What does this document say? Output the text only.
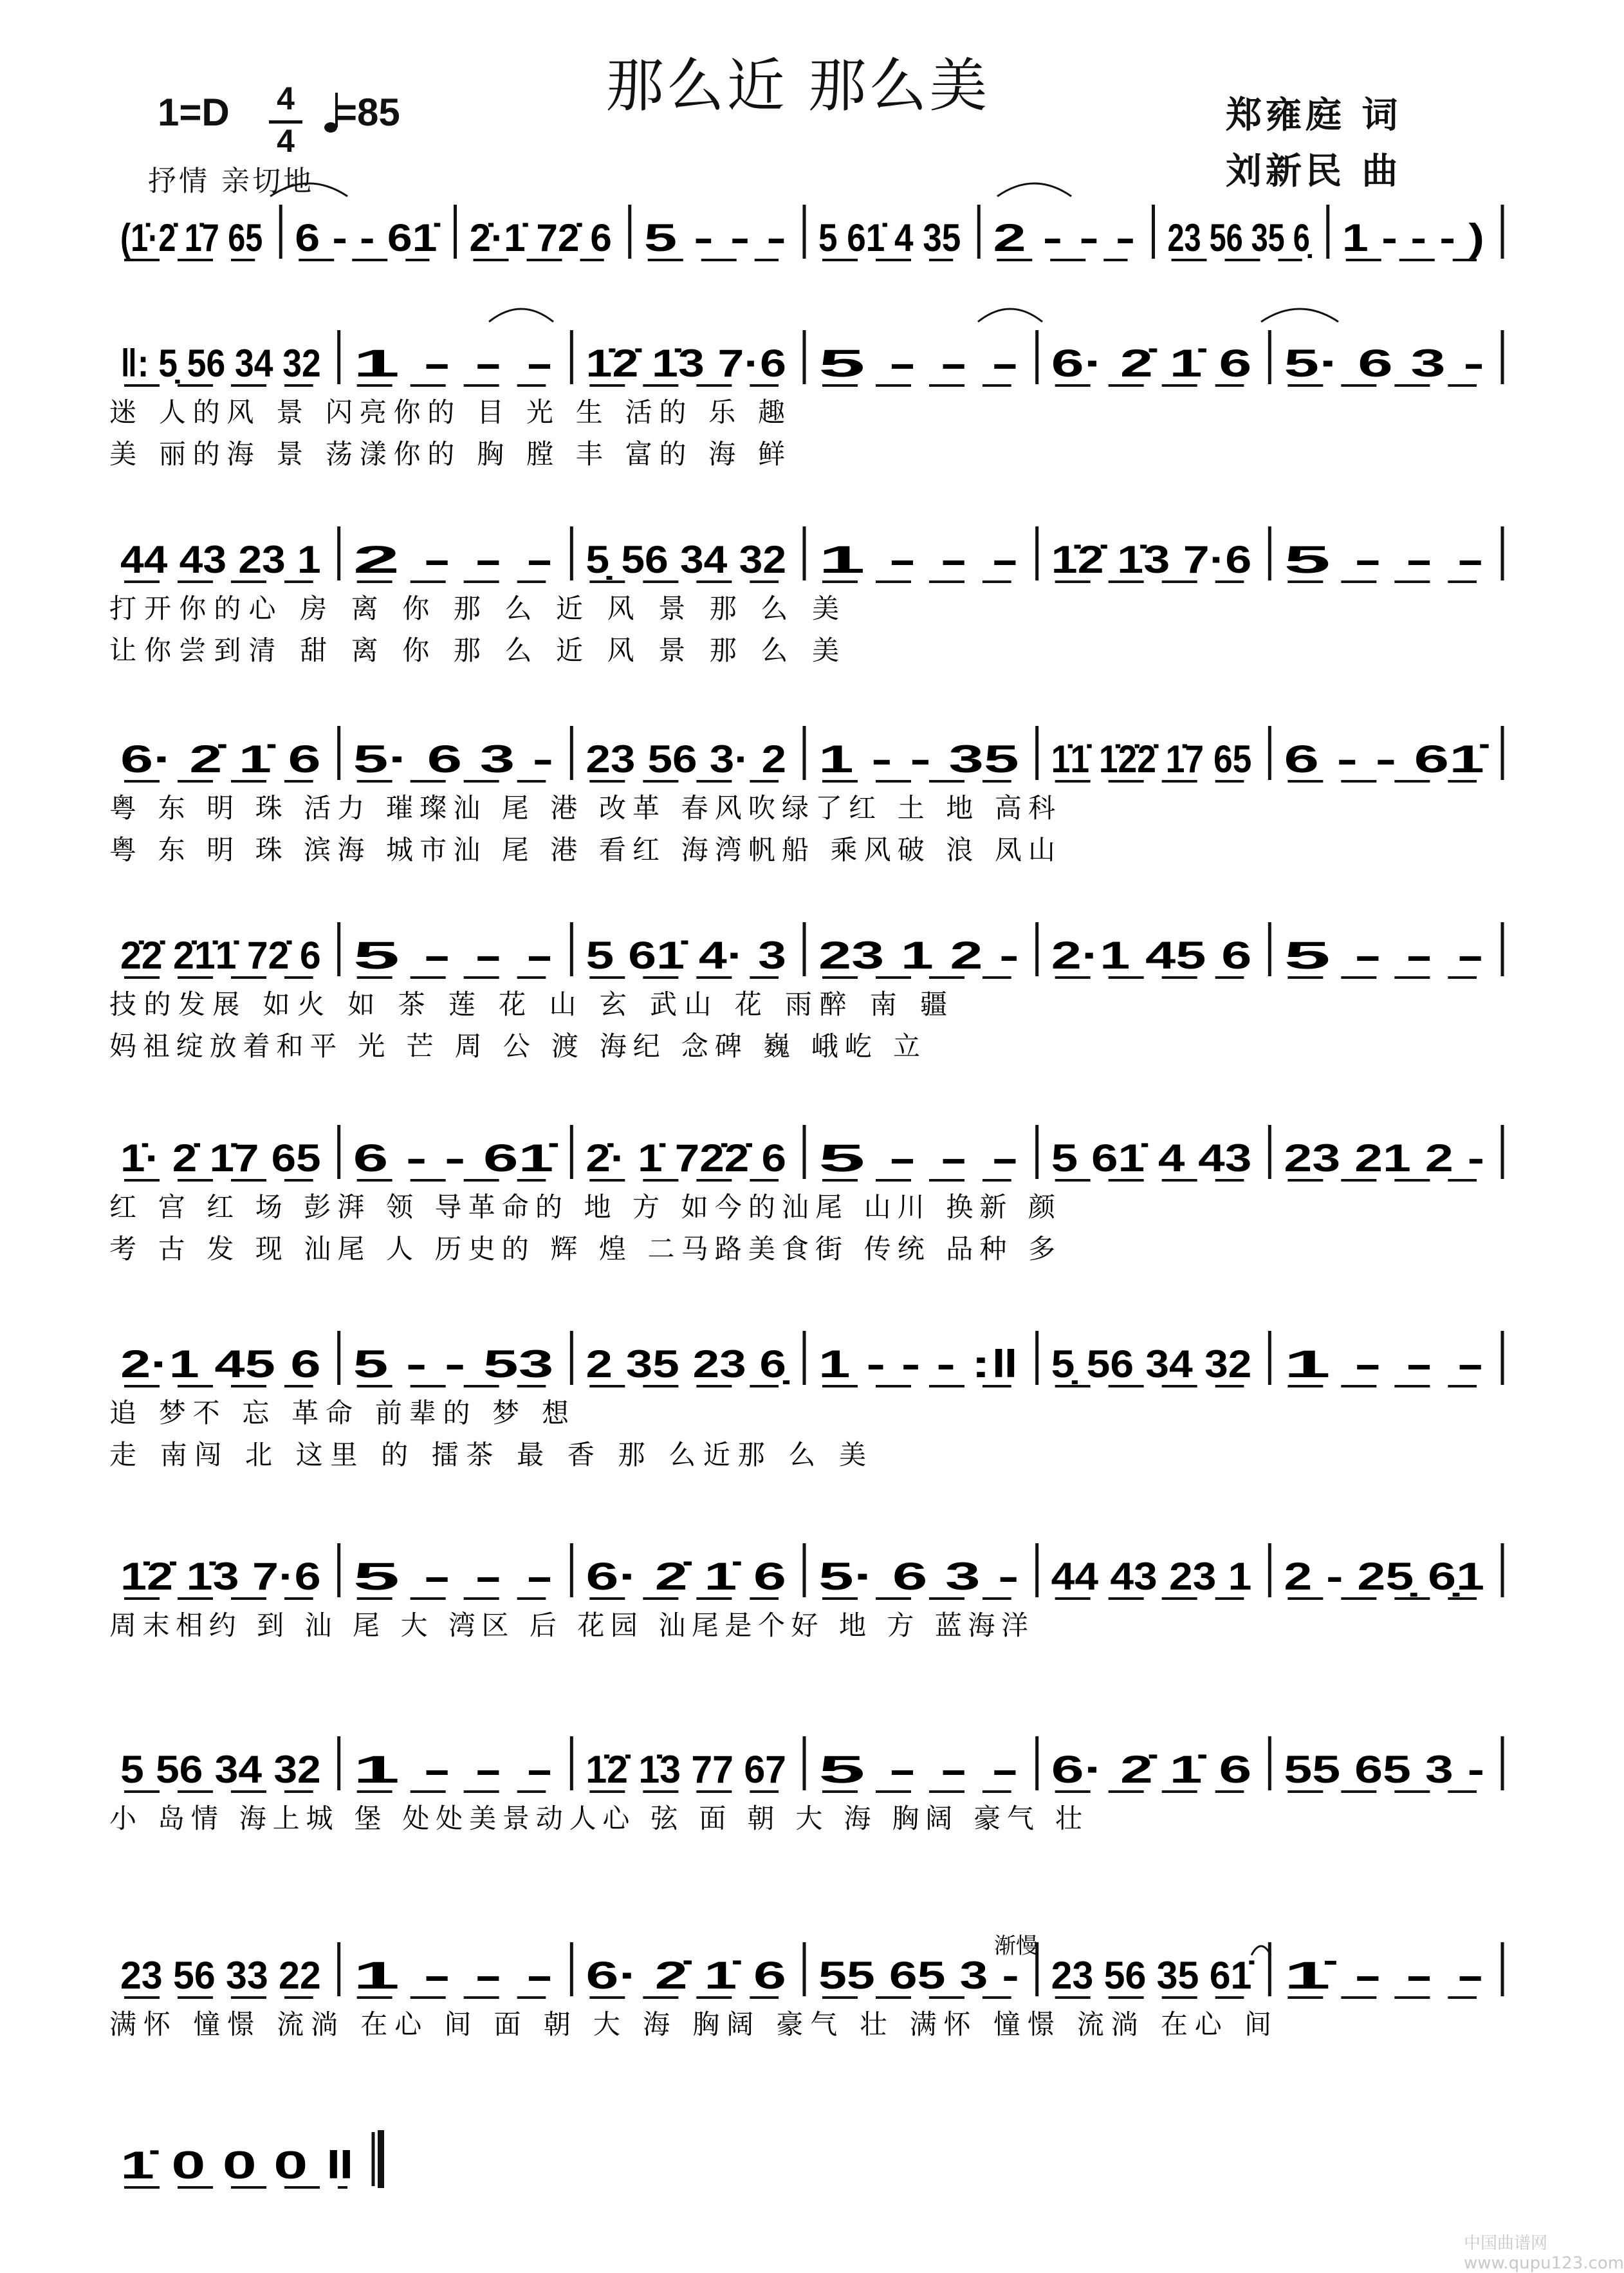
那么近 那么美	郑雍庭 词
刘新民 曲
1=D	4
4
=85
抒情 亲切地
(1̇·2̇ 1̇7 65 6 - - 61̇ 2̇·1̇ 72̇ 6 5 - - - 5 61̇ 4 35 2 - - - 23 56 35 6̣ 1 - - - )
‖: 5̣ 56 34 32 1 - - - 1̇2̇ 1̇3 7·6 5 - - - 6· 2̇ 1̇ 6 5· 6 3 -
迷 人的风 景 闪亮你的 目 光 生 活的 乐 趣
美 丽的海 景 荡漾你的 胸 膛 丰 富的 海 鲜
44 43 23 1 2 - - - 5̣ 56 34 32 1 - - - 1̇2̇ 1̇3 7·6 5 - - -
打开你的心 房 离 你 那 么 近 风 景 那 么 美
让你尝到清 甜 离 你 那 么 近 风 景 那 么 美
6· 2̇ 1̇ 6 5· 6 3 - 23 56 3· 2 1 - - 35 1̇1̇ 1̇2̇2̇ 1̇7 65 6 - - 61̇
粤 东 明 珠 活力 璀璨汕 尾 港 改革 春风吹绿了红 土 地 高科
粤 东 明 珠 滨海 城市汕 尾 港 看红 海湾帆船 乘风破 浪 凤山
2̇2̇ 2̇1̇1̇ 72̇ 6 5 - - - 5 61̇ 4· 3 23 1 2 - 2·1 45 6 5 - - -
技的发展 如火 如 茶 莲 花 山 玄 武山 花 雨醉 南 疆
妈祖绽放着和平 光 芒 周 公 渡 海纪 念碑 巍 峨屹 立
1̇· 2̇ 1̇7 65 6 - - 61̇ 2̇· 1̇ 72̇2̇ 6 5 - - - 5 61̇ 4 43 23 21 2 -
红 宫 红 场 彭湃 领 导革命的 地 方 如今的汕尾 山川 换新 颜
考 古 发 现 汕尾 人 历史的 辉 煌 二马路美食街 传统 品种 多
2·1 45 6 5 - - 53 2 35 23 6̣ 1 - - - :‖ 5̣ 56 34 32 1 - - -
追 梦不 忘 革命 前辈的 梦 想
走 南闯 北 这里 的 擂茶 最 香 那 么近那 么 美
1̇2̇ 1̇3 7·6 5 - - - 6· 2̇ 1̇ 6 5· 6 3 - 44 43 23 1 2 - 25̣ 6̣1
周末相约 到 汕 尾 大 湾区 后 花园 汕尾是个好 地 方 蓝海洋
5 56 34 32 1 - - - 1̇2̇ 1̇3 77 67 5 - - - 6· 2̇ 1̇ 6 55 65 3 -
小 岛情 海上城 堡 处处美景动人心 弦 面 朝 大 海 胸阔 豪气 壮
23 56 33 22 1 - - - 6· 2̇ 1̇ 6 55 65 3 - 23 56 35 61̇ 1̇ - - -
满怀 憧憬 流淌 在心 间 面 朝 大 海 胸阔 豪气 壮 满怀 憧憬 流淌 在心 间
1̇ 0 0 0 ‖
渐慢
中国曲谱网 www.qupu123.com
